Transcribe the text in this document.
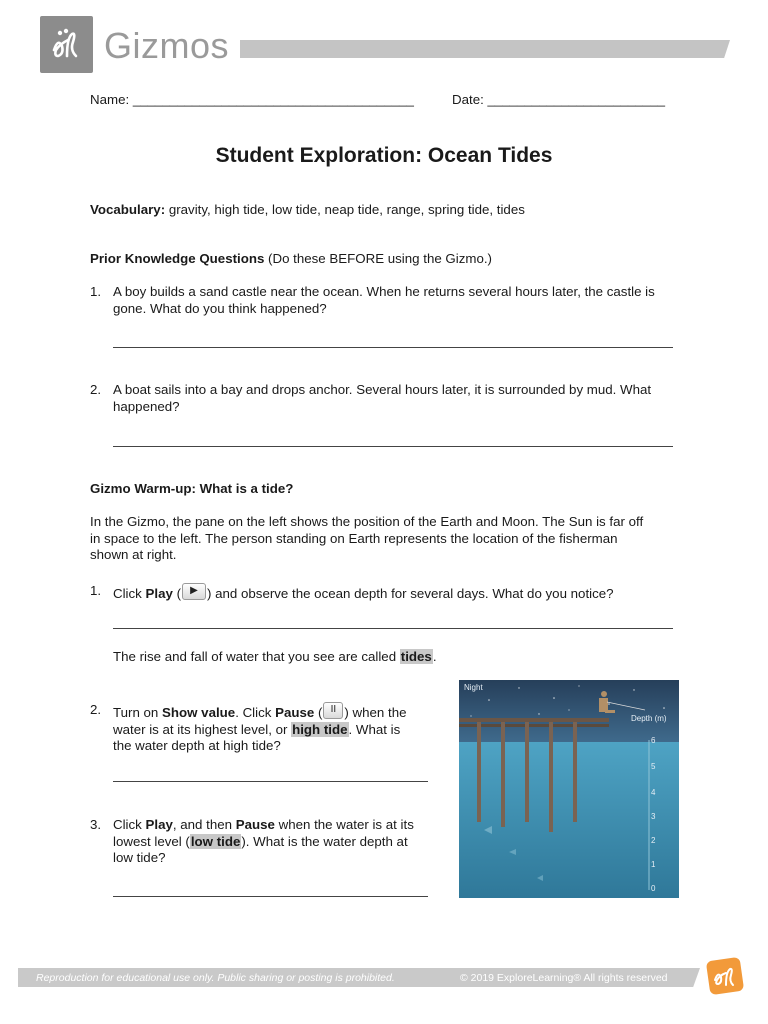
Gizmos
Name: ______________________________________	Date: ________________________
Student Exploration: Ocean Tides
Vocabulary: gravity, high tide, low tide, neap tide, range, spring tide, tides
Prior Knowledge Questions (Do these BEFORE using the Gizmo.)
1. A boy builds a sand castle near the ocean. When he returns several hours later, the castle is
gone. What do you think happened?
2. A boat sails into a bay and drops anchor. Several hours later, it is surrounded by mud. What
happened?
Gizmo Warm-up: What is a tide?
In the Gizmo, the pane on the left shows the position of the Earth and Moon. The Sun is far off
in space to the left. The person standing on Earth represents the location of the fisherman
shown at right.
1. Click Play ( ▶ ) and observe the ocean depth for several days. What do you notice?
The rise and fall of water that you see are called tides.
2. Turn on Show value. Click Pause ( II ) when the
water is at its highest level, or high tide. What is
the water depth at high tide?
3. Click Play, and then Pause when the water is at its
lowest level (low tide). What is the water depth at
low tide?
Night
Depth (m)
6
5
4
3
2
1
0
Reproduction for educational use only. Public sharing or posting is prohibited.	© 2019 ExploreLearning® All rights reserved
